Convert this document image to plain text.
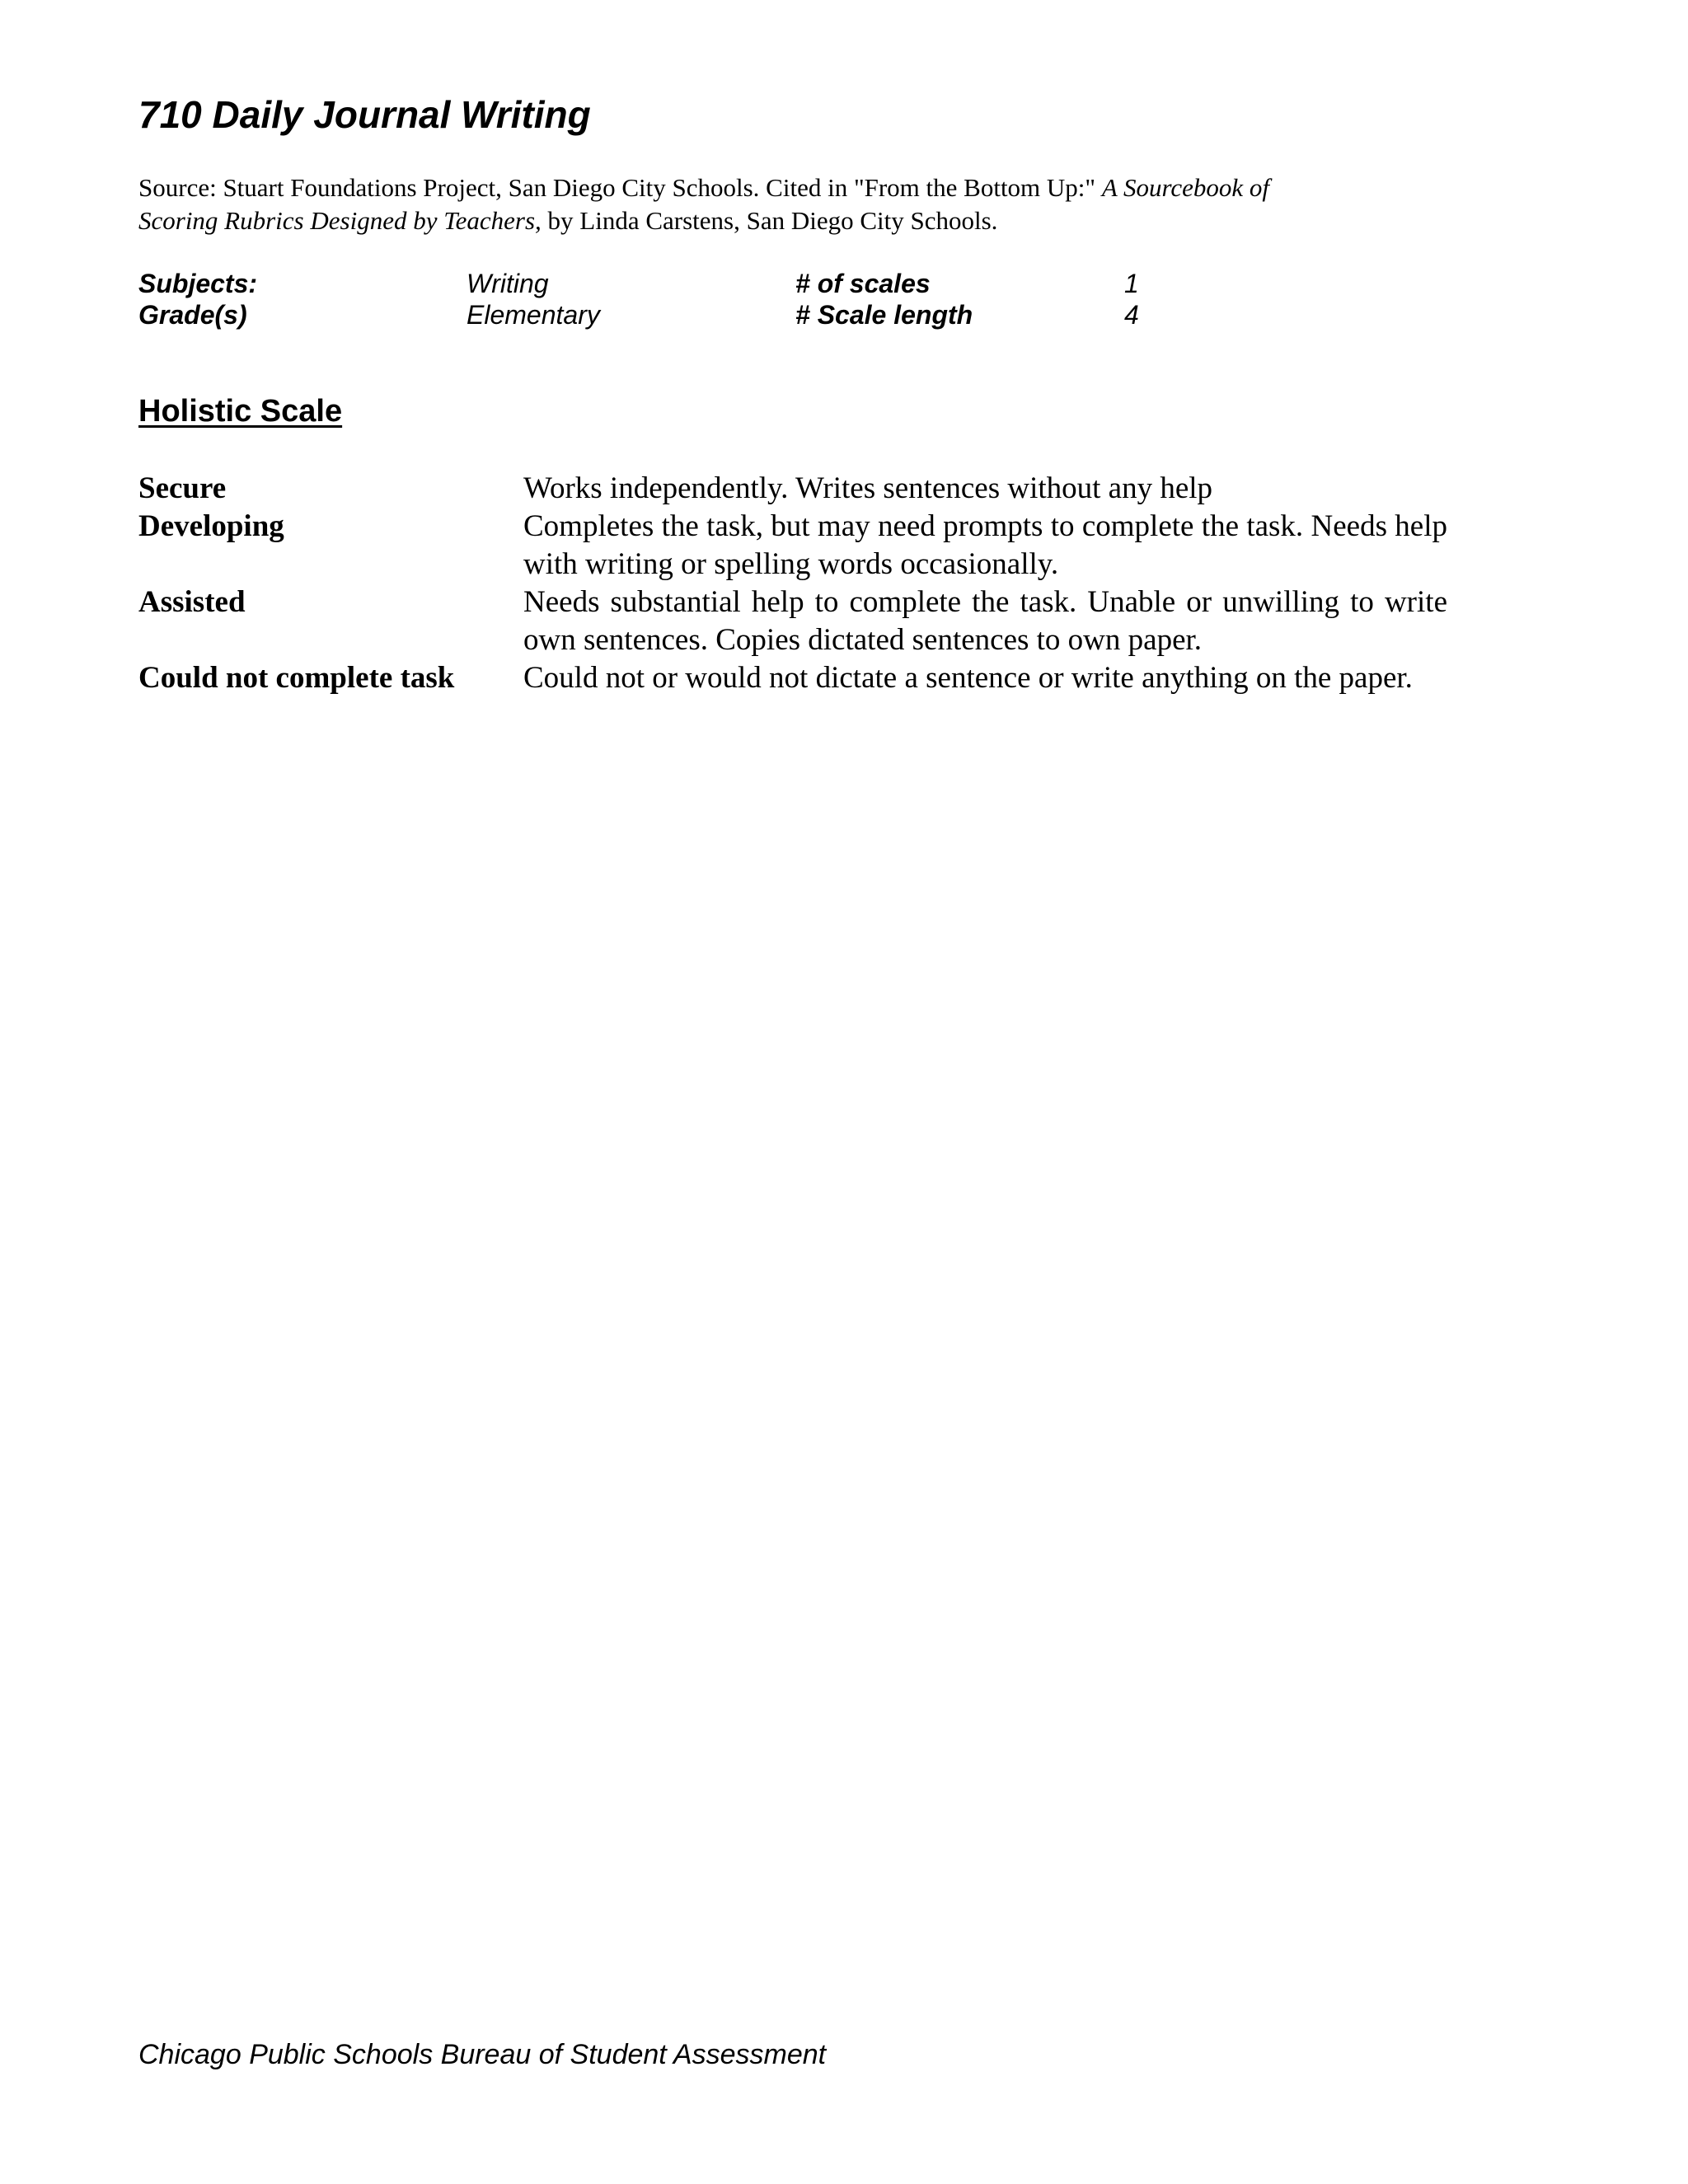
710 Daily Journal Writing
Source: Stuart Foundations Project, San Diego City Schools. Cited in "From the Bottom Up:" A Sourcebook of
Scoring Rubrics Designed by Teachers, by Linda Carstens, San Diego City Schools.
Subjects:	Writing	# of scales	1
Grade(s)	Elementary	# Scale length	4
Holistic Scale
Secure	Works independently. Writes sentences without any help
Developing	Completes the task, but may need prompts to complete the task. Needs help with writing or spelling words occasionally.
Assisted	Needs substantial help to complete the task. Unable or unwilling to write own sentences. Copies dictated sentences to own paper.
Could not complete task	Could not or would not dictate a sentence or write anything on the paper.
Chicago Public Schools Bureau of Student Assessment
